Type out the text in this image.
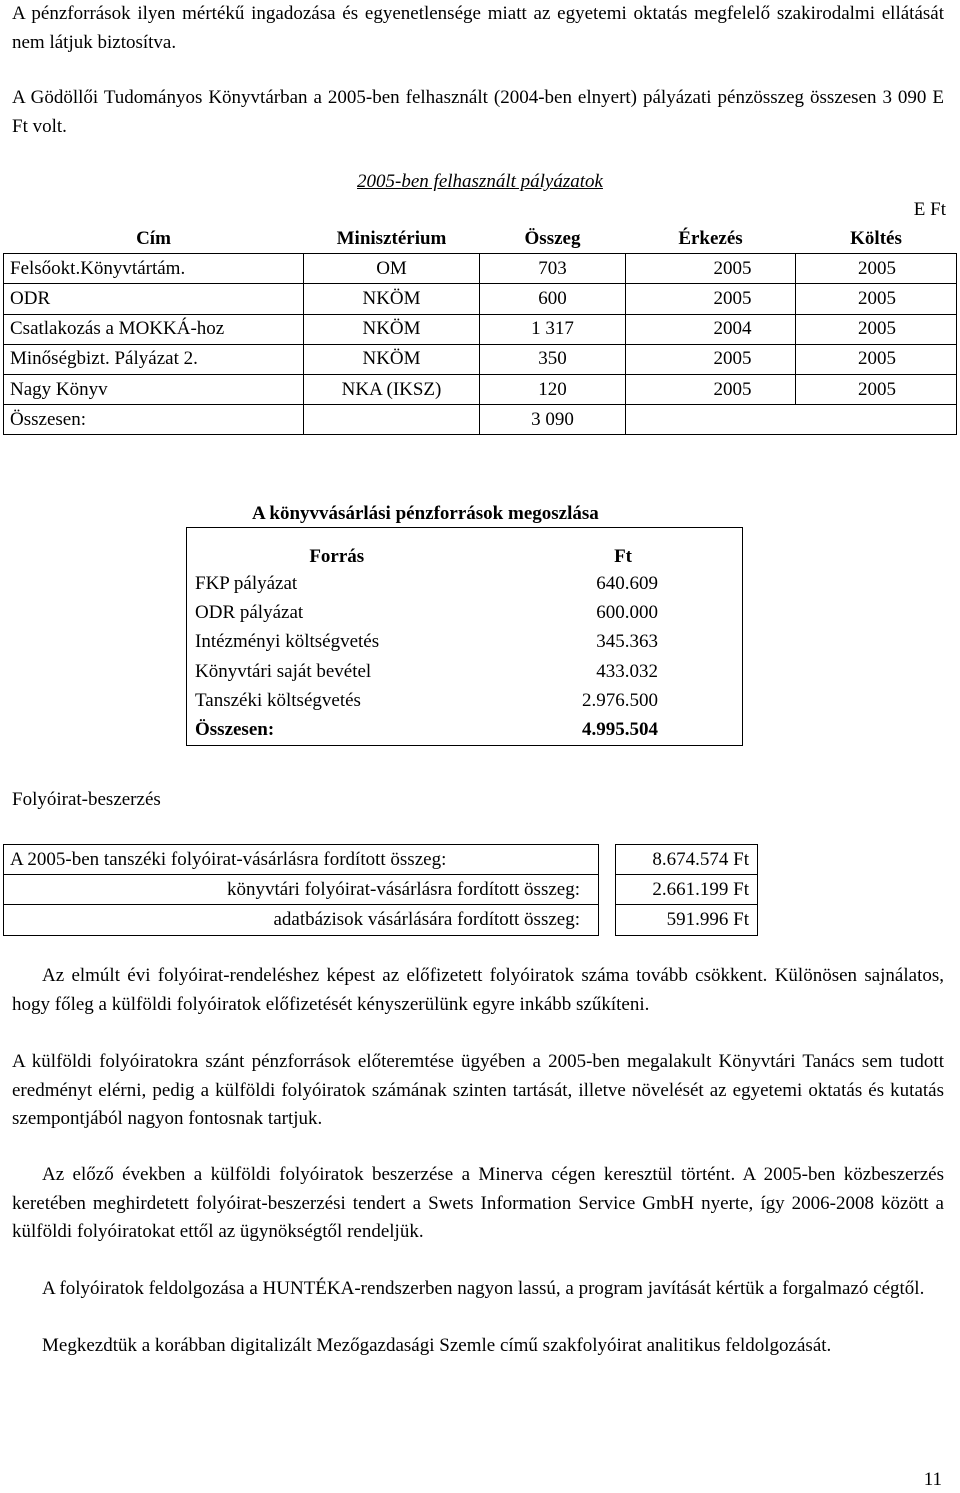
A pénzforrások ilyen mértékű ingadozása és egyenetlensége miatt az egyetemi oktatás megfelelő szakirodalmi ellátását nem látjuk biztosítva.

A Gödöllői Tudományos Könyvtárban a 2005-ben felhasznált (2004-ben elnyert) pályázati pénzösszeg összesen 3 090 E Ft volt.

2005-ben felhasznált pályázatok
E Ft
Cím	Minisztérium	Összeg	Érkezés	Költés
Felsőokt.Könyvtártám.	OM	703	2005	2005
ODR	NKÖM	600	2005	2005
Csatlakozás a MOKKÁ-hoz	NKÖM	1 317	2004	2005
Minőségbizt. Pályázat 2.	NKÖM	350	2005	2005
Nagy Könyv	NKA (IKSZ)	120	2005	2005
Összesen:		3 090		
A könyvvásárlási pénzforrások megoszlása
Forrás	Ft
FKP pályázat	640.609
ODR pályázat	600.000
Intézményi költségvetés	345.363
Könyvtári saját bevétel	433.032
Tanszéki költségvetés	2.976.500
Összesen:	4.995.504
Folyóirat-beszerzés
A 2005-ben tanszéki folyóirat-vásárlásra fordított összeg:		8.674.574 Ft
könyvtári folyóirat-vásárlásra fordított összeg:		2.661.199 Ft
adatbázisok vásárlására fordított összeg:		591.996 Ft

Az elmúlt évi folyóirat-rendeléshez képest az előfizetett folyóiratok száma tovább csökkent. Különösen sajnálatos, hogy főleg a külföldi folyóiratok előfizetését kényszerülünk egyre inkább szűkíteni.

A külföldi folyóiratokra szánt pénzforrások előteremtése ügyében a 2005-ben megalakult Könyvtári Tanács sem tudott eredményt elérni, pedig a külföldi folyóiratok számának szinten tartását, illetve növelését az egyetemi oktatás és kutatás szempontjából nagyon fontosnak tartjuk.

Az előző években a külföldi folyóiratok beszerzése a Minerva cégen keresztül történt. A 2005-ben közbeszerzés keretében meghirdetett folyóirat-beszerzési tendert a Swets Information Service GmbH nyerte, így 2006-2008 között a külföldi folyóiratokat ettől az ügynökségtől rendeljük.

A folyóiratok feldolgozása a HUNTÉKA-rendszerben nagyon lassú, a program javítását kértük a forgalmazó cégtől.

Megkezdtük a korábban digitalizált Mezőgazdasági Szemle című szakfolyóirat analitikus feldolgozását.

11
